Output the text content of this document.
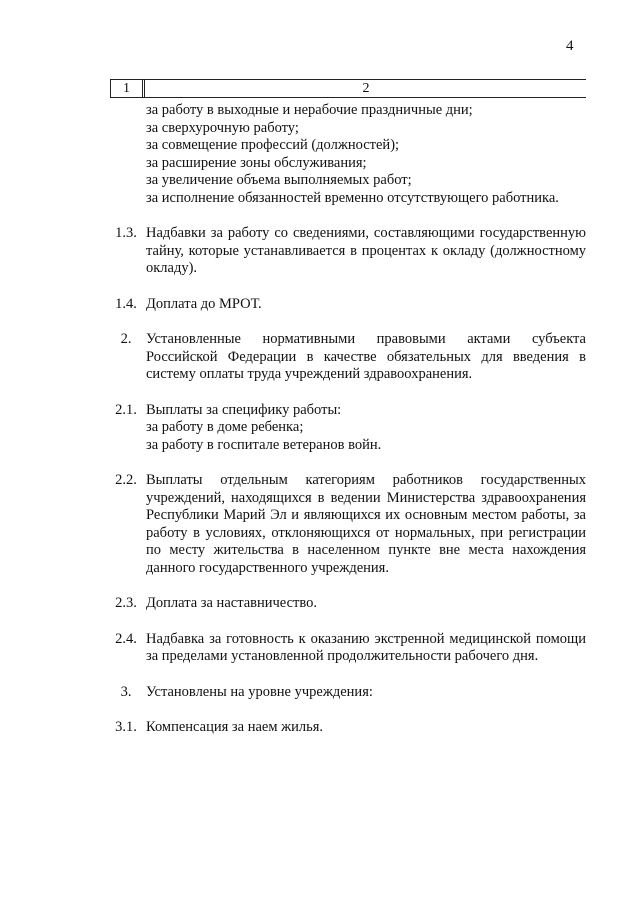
4
1	2
за работу в выходные и нерабочие праздничные дни;
за сверхурочную работу;
за совмещение профессий (должностей);
за расширение зоны обслуживания;
за увеличение объема выполняемых работ;
за исполнение обязанностей временно отсутствующего работника.
1.3. Надбавки за работу со сведениями, составляющими государственную тайну, которые устанавливается в процентах к окладу (должностному окладу).
1.4. Доплата до МРОТ.
2.	Установленные нормативными правовыми актами субъекта Российской Федерации в качестве обязательных для введения в систему оплаты труда учреждений здравоохранения.
2.1. Выплаты за специфику работы:
за работу в доме ребенка;
за работу в госпитале ветеранов войн.
2.2. Выплаты отдельным категориям работников государственных учреждений, находящихся в ведении Министерства здравоохранения Республики Марий Эл и являющихся их основным местом работы, за работу в условиях, отклоняющихся от нормальных, при регистрации по месту жительства в населенном пункте вне места нахождения данного государственного учреждения.
2.3. Доплата за наставничество.
2.4. Надбавка за готовность к оказанию экстренной медицинской помощи за пределами установленной продолжительности рабочего дня.
3.	Установлены на уровне учреждения:
3.1. Компенсация за наем жилья.
